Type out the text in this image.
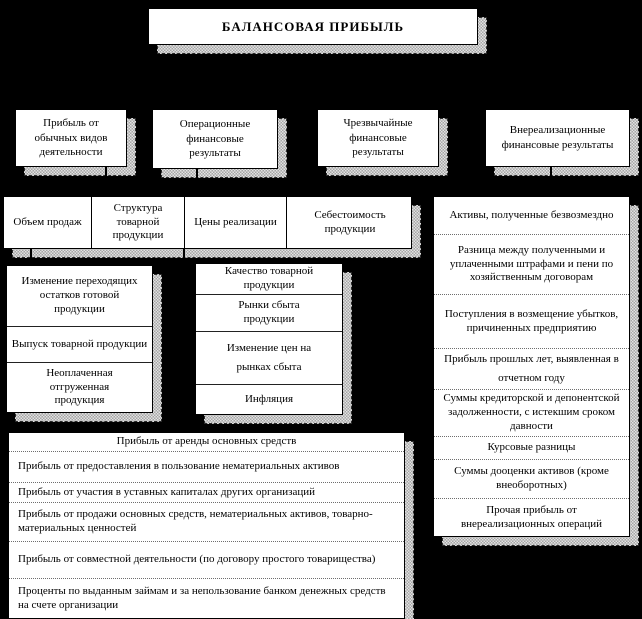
БАЛАНСОВАЯ ПРИБЫЛЬ
Прибыль от обычных видов деятельности
Операционные финансовые результаты
Чрезвычайные финансовые результаты
Внереализационные финансовые результаты
Объем продаж
Структура товарной продукции
Цены реализации
Себестоимость продукции
Изменение переходящих остатков готовой продукции
Выпуск товарной продукции
Неоплаченная отгруженная продукция
Качество товарной продукции
Рынки сбыта продукции
Изменение цен на рынках сбыта
Инфляция
Активы, полученные безвозмездно
Разница между полученными и уплаченными штрафами и пени по хозяйственным договорам
Поступления в возмещение убытков, причиненных предприятию
Прибыль прошлых лет, выявленная в отчетном году
Суммы кредиторской и депонентской задолженности, с истекшим сроком давности
Курсовые разницы
Суммы дооценки активов (кроме внеоборотных)
Прочая прибыль от внереализационных операций
Прибыль от аренды основных средств
Прибыль от предоставления в пользование нематериальных активов
Прибыль от участия в уставных капиталах других организаций
Прибыль от продажи основных средств, нематериальных активов, товарно-материальных ценностей
Прибыль от совместной деятельности (по договору простого товарищества)
Проценты по выданным займам и за непользование банком денежных средств на счете организации
